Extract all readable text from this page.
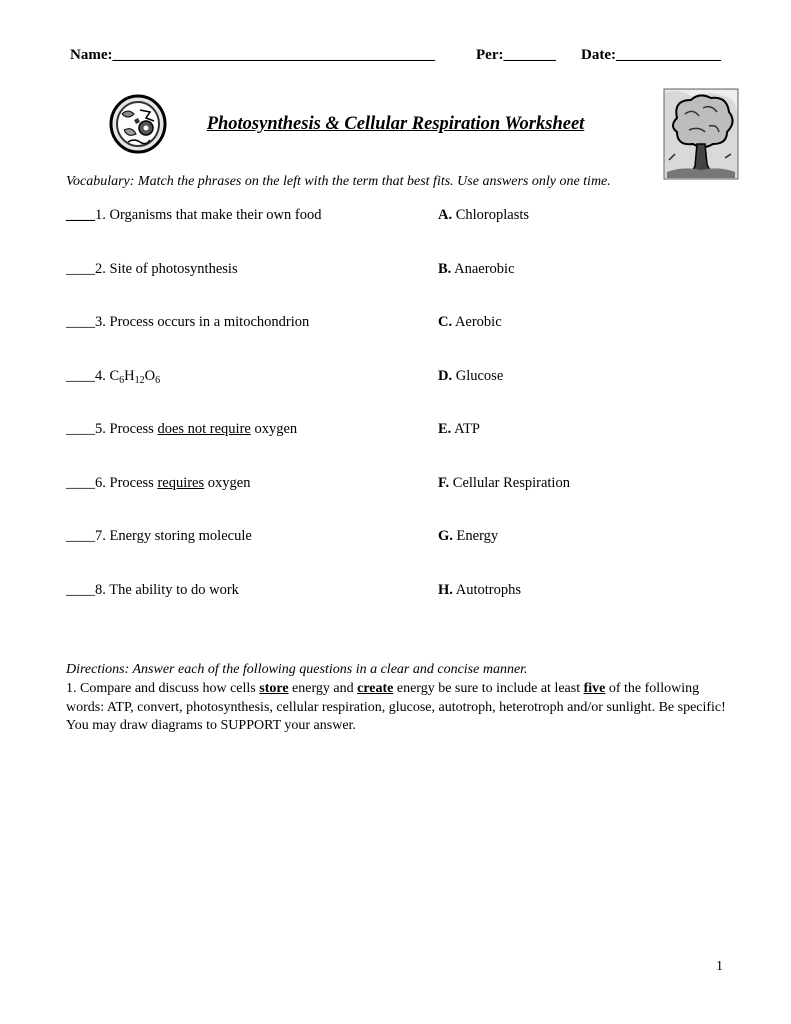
Name:___________________________________________	Per:_______ Date:______________
Photosynthesis & Cellular Respiration Worksheet
Vocabulary: Match the phrases on the left with the term that best fits. Use answers only one time.
____1. Organisms that make their own food	A. Chloroplasts
____2. Site of photosynthesis	B. Anaerobic
____3. Process occurs in a mitochondrion	C. Aerobic
____4. $C_6H_{12}O_6$	D. Glucose
____5. Process does not require oxygen	E. ATP
____6. Process requires oxygen	F. Cellular Respiration
____7. Energy storing molecule	G. Energy
____8. The ability to do work	H. Autotrophs
Directions: Answer each of the following questions in a clear and concise manner.
1. Compare and discuss how cells store energy and create energy be sure to include at least five of the following words: ATP, convert, photosynthesis, cellular respiration, glucose, autotroph, heterotroph and/or sunlight. Be specific! You may draw diagrams to SUPPORT your answer.
1
